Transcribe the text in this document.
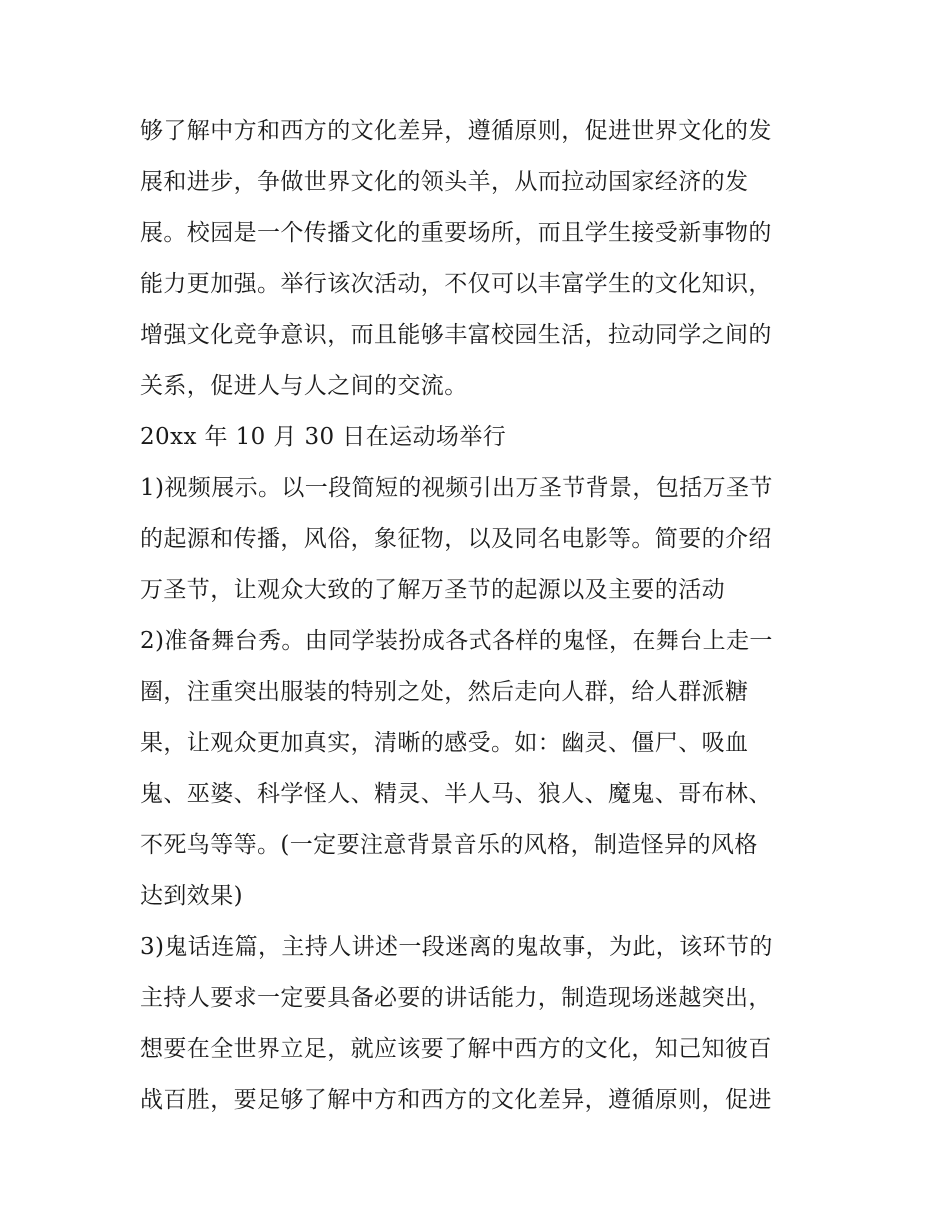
够了解中方和西方的文化差异，遵循原则，促进世界文化的发
展和进步，争做世界文化的领头羊，从而拉动国家经济的发
展。校园是一个传播文化的重要场所，而且学生接受新事物的
能力更加强。举行该次活动，不仅可以丰富学生的文化知识，
增强文化竞争意识，而且能够丰富校园生活，拉动同学之间的
关系，促进人与人之间的交流。
20xx 年 10 月 30 日在运动场举行
1)视频展示。以一段简短的视频引出万圣节背景，包括万圣节
的起源和传播，风俗，象征物，以及同名电影等。简要的介绍
万圣节，让观众大致的了解万圣节的起源以及主要的活动
2)准备舞台秀。由同学装扮成各式各样的鬼怪，在舞台上走一
圈，注重突出服装的特别之处，然后走向人群，给人群派糖
果，让观众更加真实，清晰的感受。如：幽灵、僵尸、吸血
鬼、巫婆、科学怪人、精灵、半人马、狼人、魔鬼、哥布林、
不死鸟等等。(一定要注意背景音乐的风格，制造怪异的风格
达到效果)
3)鬼话连篇，主持人讲述一段迷离的鬼故事，为此，该环节的
主持人要求一定要具备必要的讲话能力，制造现场迷越突出，
想要在全世界立足，就应该要了解中西方的文化，知己知彼百
战百胜，要足够了解中方和西方的文化差异，遵循原则，促进
